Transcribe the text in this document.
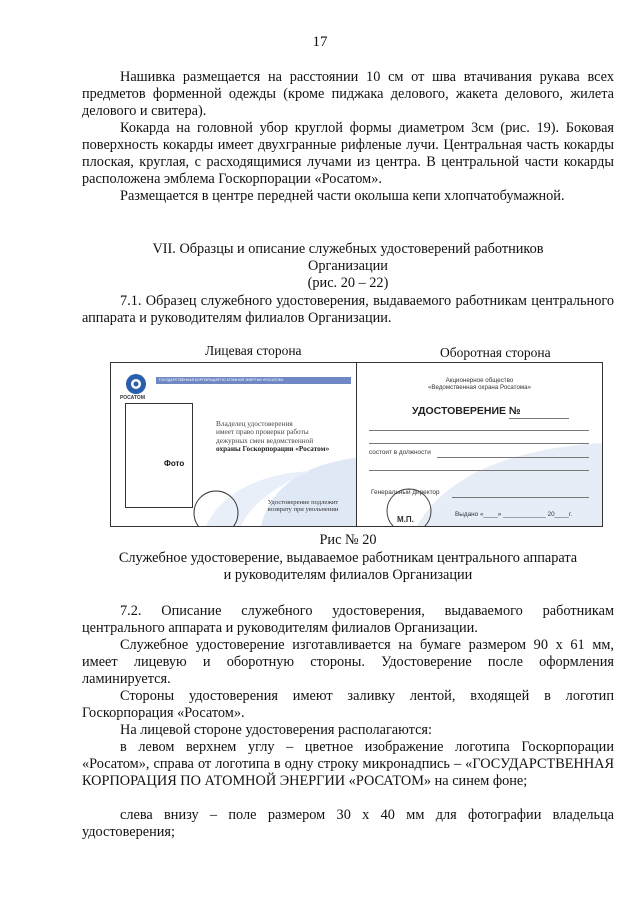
17
Нашивка размещается на расстоянии 10 см от шва втачивания рукава всех предметов форменной одежды (кроме пиджака делового, жакета делового, жилета делового и свитера).
Кокарда на головной убор круглой формы диаметром 3см (рис. 19). Боковая поверхность кокарды имеет двухгранные рифленые лучи. Центральная часть кокарды плоская, круглая, с расходящимися лучами из центра. В центральной части кокарды расположена эмблема Госкорпорации «Росатом».
Размещается в центре передней части околыша кепи хлопчатобумажной.
VII. Образцы и описание служебных удостоверений работников
Организации
(рис. 20 – 22)
7.1. Образец служебного удостоверения, выдаваемого работникам центрального аппарата и руководителям филиалов Организации.
Лицевая сторона	Оборотная сторона
РОСАТОМ
ГОСУДАРСТВЕННАЯ КОРПОРАЦИЯ ПО АТОМНОЙ ЭНЕРГИИ «РОСАТОМ»
Фото
Владелец удостоверения
имеет право проверки работы
дежурных смен ведомственной
охраны Госкорпорации «Росатом»
Удостоверение подлежит
возврату при увольнении
Акционерное общество
«Ведомственная охрана Росатома»
УДОСТОВЕРЕНИЕ №
состоит в должности
Генеральный директор
М.П.
Выдано «____» ____________ 20____г.
Рис № 20
Служебное удостоверение, выдаваемое работникам центрального аппарата
и руководителям филиалов Организации
7.2. Описание служебного удостоверения, выдаваемого работникам центрального аппарата и руководителям филиалов Организации.
Служебное удостоверение изготавливается на бумаге размером 90 х 61 мм, имеет лицевую и оборотную стороны. Удостоверение после оформления ламинируется.
Стороны удостоверения имеют заливку лентой, входящей в логотип Госкорпорация «Росатом».
На лицевой стороне удостоверения располагаются:
в левом верхнем углу – цветное изображение логотипа Госкорпорации «Росатом», справа от логотипа в одну строку микронадпись – «ГОСУДАРСТВЕННАЯ КОРПОРАЦИЯ ПО АТОМНОЙ ЭНЕРГИИ «РОСАТОМ» на синем фоне;
слева внизу – поле размером 30 х 40 мм для фотографии владельца удостоверения;
